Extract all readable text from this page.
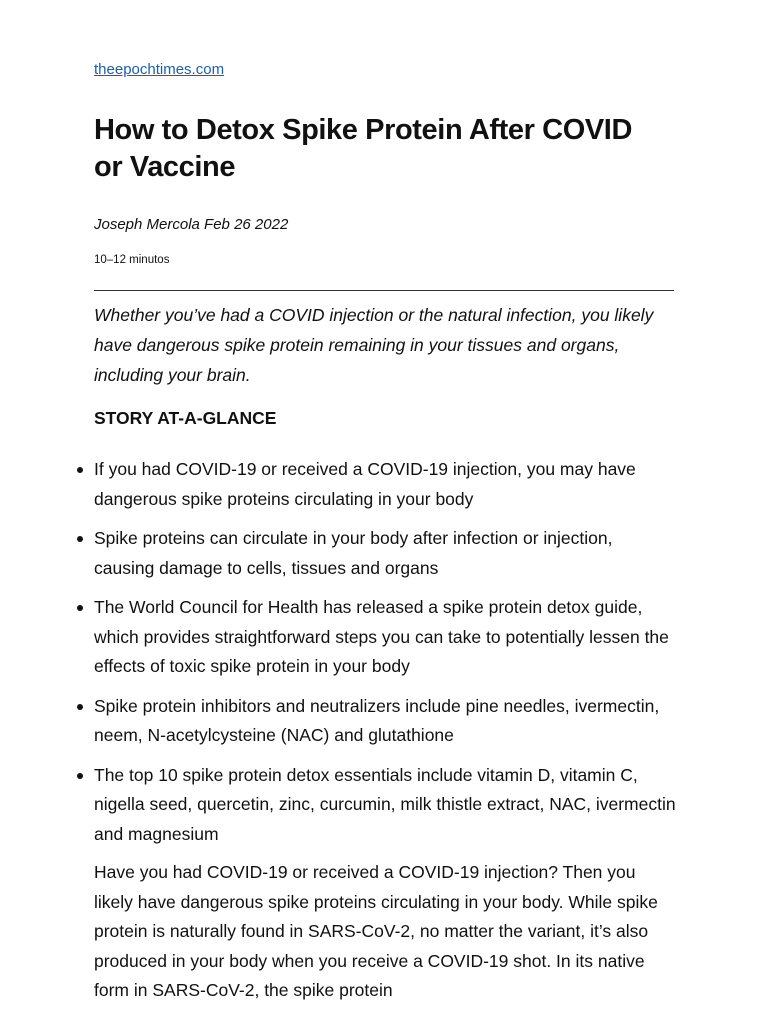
theepochtimes.com
How to Detox Spike Protein After COVID or Vaccine
Joseph Mercola Feb 26 2022
10–12 minutos

Whether you’ve had a COVID injection or the natural infection, you likely have dangerous spike protein remaining in your tissues and organs, including your brain.

STORY AT-A-GLANCE
If you had COVID-19 or received a COVID-19 injection, you may have dangerous spike proteins circulating in your body
Spike proteins can circulate in your body after infection or injection, causing damage to cells, tissues and organs
The World Council for Health has released a spike protein detox guide, which provides straightforward steps you can take to potentially lessen the effects of toxic spike protein in your body
Spike protein inhibitors and neutralizers include pine needles, ivermectin, neem, N-acetylcysteine (NAC) and glutathione
The top 10 spike protein detox essentials include vitamin D, vitamin C, nigella seed, quercetin, zinc, curcumin, milk thistle extract, NAC, ivermectin and magnesium

Have you had COVID-19 or received a COVID-19 injection? Then you likely have dangerous spike proteins circulating in your body. While spike protein is naturally found in SARS-CoV-2, no matter the variant, it’s also produced in your body when you receive a COVID-19 shot. In its native form in SARS-CoV-2, the spike protein
